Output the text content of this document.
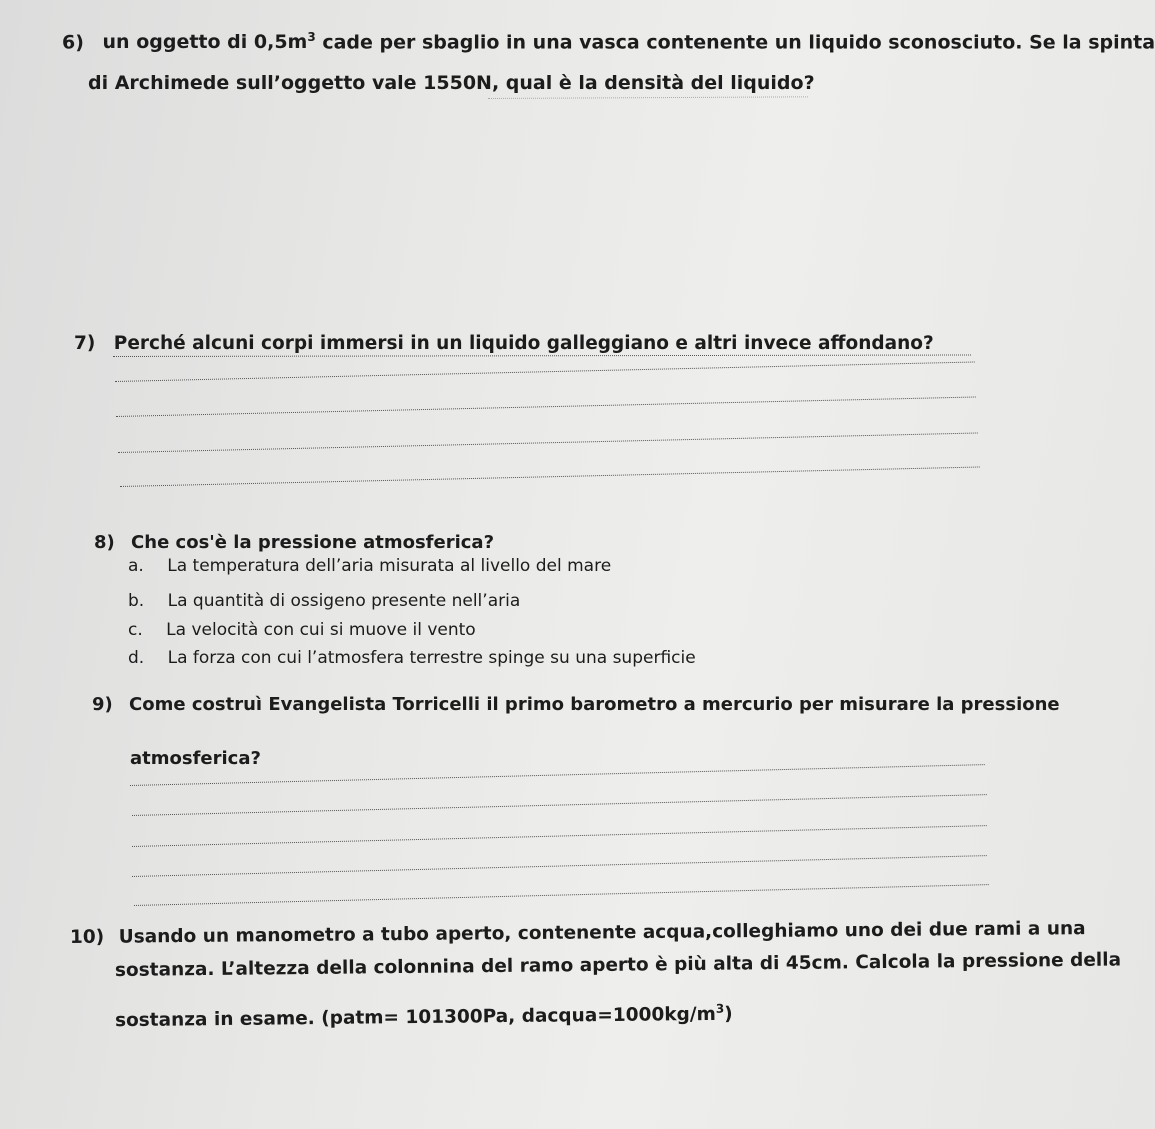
6) un oggetto di $0,5m^3$ cade per sbaglio in una vasca contenente un liquido sconosciuto. Se la spinta
di Archimede sull’oggetto vale 1550N, qual è la densità del liquido?
7) Perché alcuni corpi immersi in un liquido galleggiano e altri invece affondano?
8) Che cos'è la pressione atmosferica?
a. La temperatura dell’aria misurata al livello del mare
b. La quantità di ossigeno presente nell’aria
c. La velocità con cui si muove il vento
d. La forza con cui l’atmosfera terrestre spinge su una superficie
9) Come costruì Evangelista Torricelli il primo barometro a mercurio per misurare la pressione
atmosferica?
10) Usando un manometro a tubo aperto, contenente acqua,colleghiamo uno dei due rami a una
sostanza. L’altezza della colonnina del ramo aperto è più alta di 45cm. Calcola la pressione della
sostanza in esame. (patm= 101300Pa, $dacqua=1000kg/m^3$)
